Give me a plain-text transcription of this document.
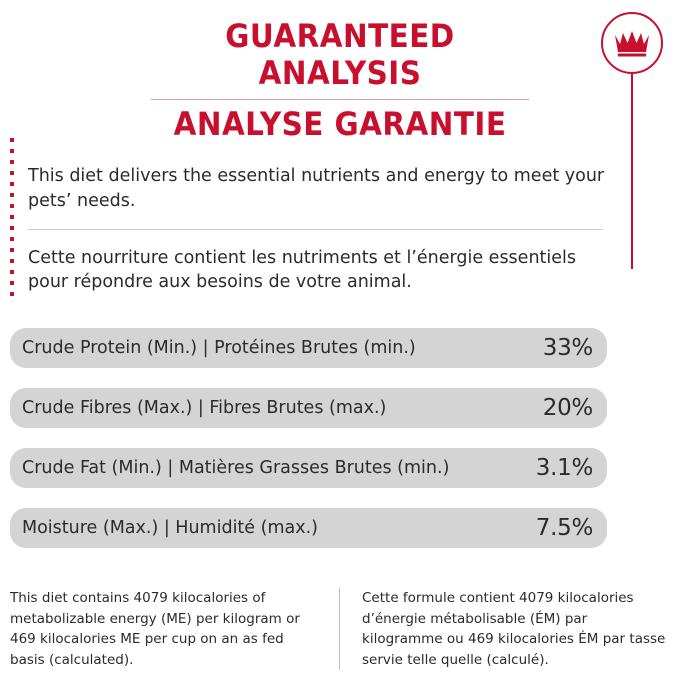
GUARANTEED ANALYSIS
ANALYSE GARANTIE

This diet delivers the essential nutrients and energy to meet your pets’ needs.

Cette nourriture contient les nutriments et l’énergie essentiels pour répondre aux besoins de votre animal.

Crude Protein (Min.) | Protéines Brutes (min.)	33%
Crude Fibres (Max.) | Fibres Brutes (max.)	20%
Crude Fat (Min.) | Matières Grasses Brutes (min.)	3.1%
Moisture (Max.) | Humidité (max.)	7.5%
This diet contains 4079 kilocalories of metabolizable energy (ME) per kilogram or 469 kilocalories ME per cup on an as fed basis (calculated).
Cette formule contient 4079 kilocalories d’énergie métabolisable (ÉM) par kilogramme ou 469 kilocalories ÉM par tasse servie telle quelle (calculé).
